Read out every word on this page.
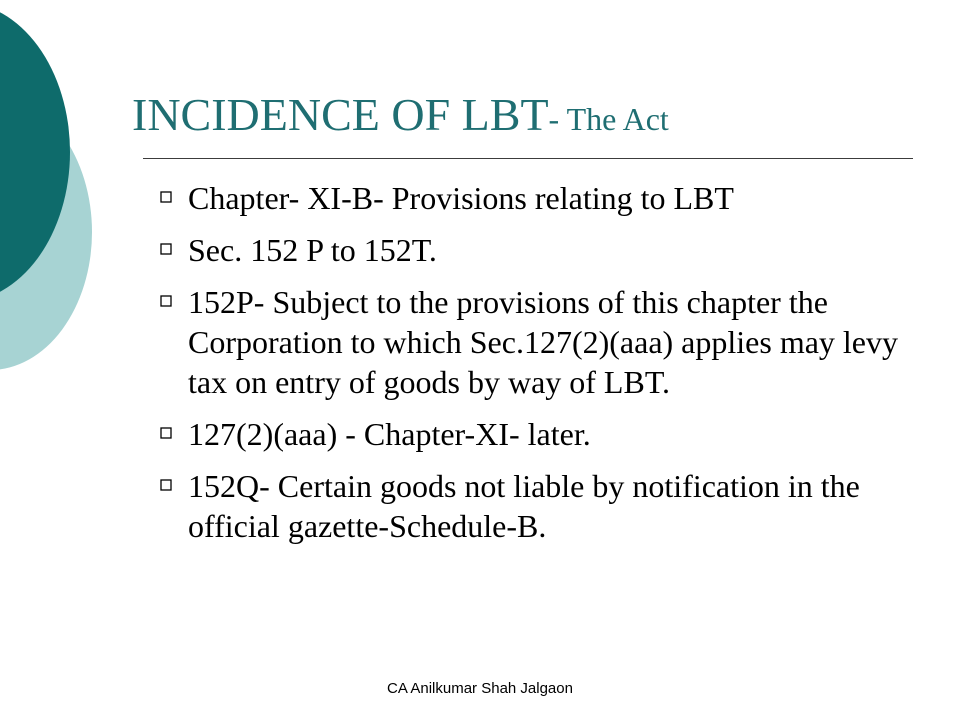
INCIDENCE OF LBT- The Act
Chapter- XI-B- Provisions relating to LBT
Sec. 152 P to 152T.
152P- Subject to the provisions of this chapter the Corporation to which Sec.127(2)(aaa) applies may levy tax on entry of goods by way of LBT.
127(2)(aaa) - Chapter-XI- later.
152Q- Certain goods not liable by notification in the official gazette-Schedule-B.
CA Anilkumar Shah Jalgaon
